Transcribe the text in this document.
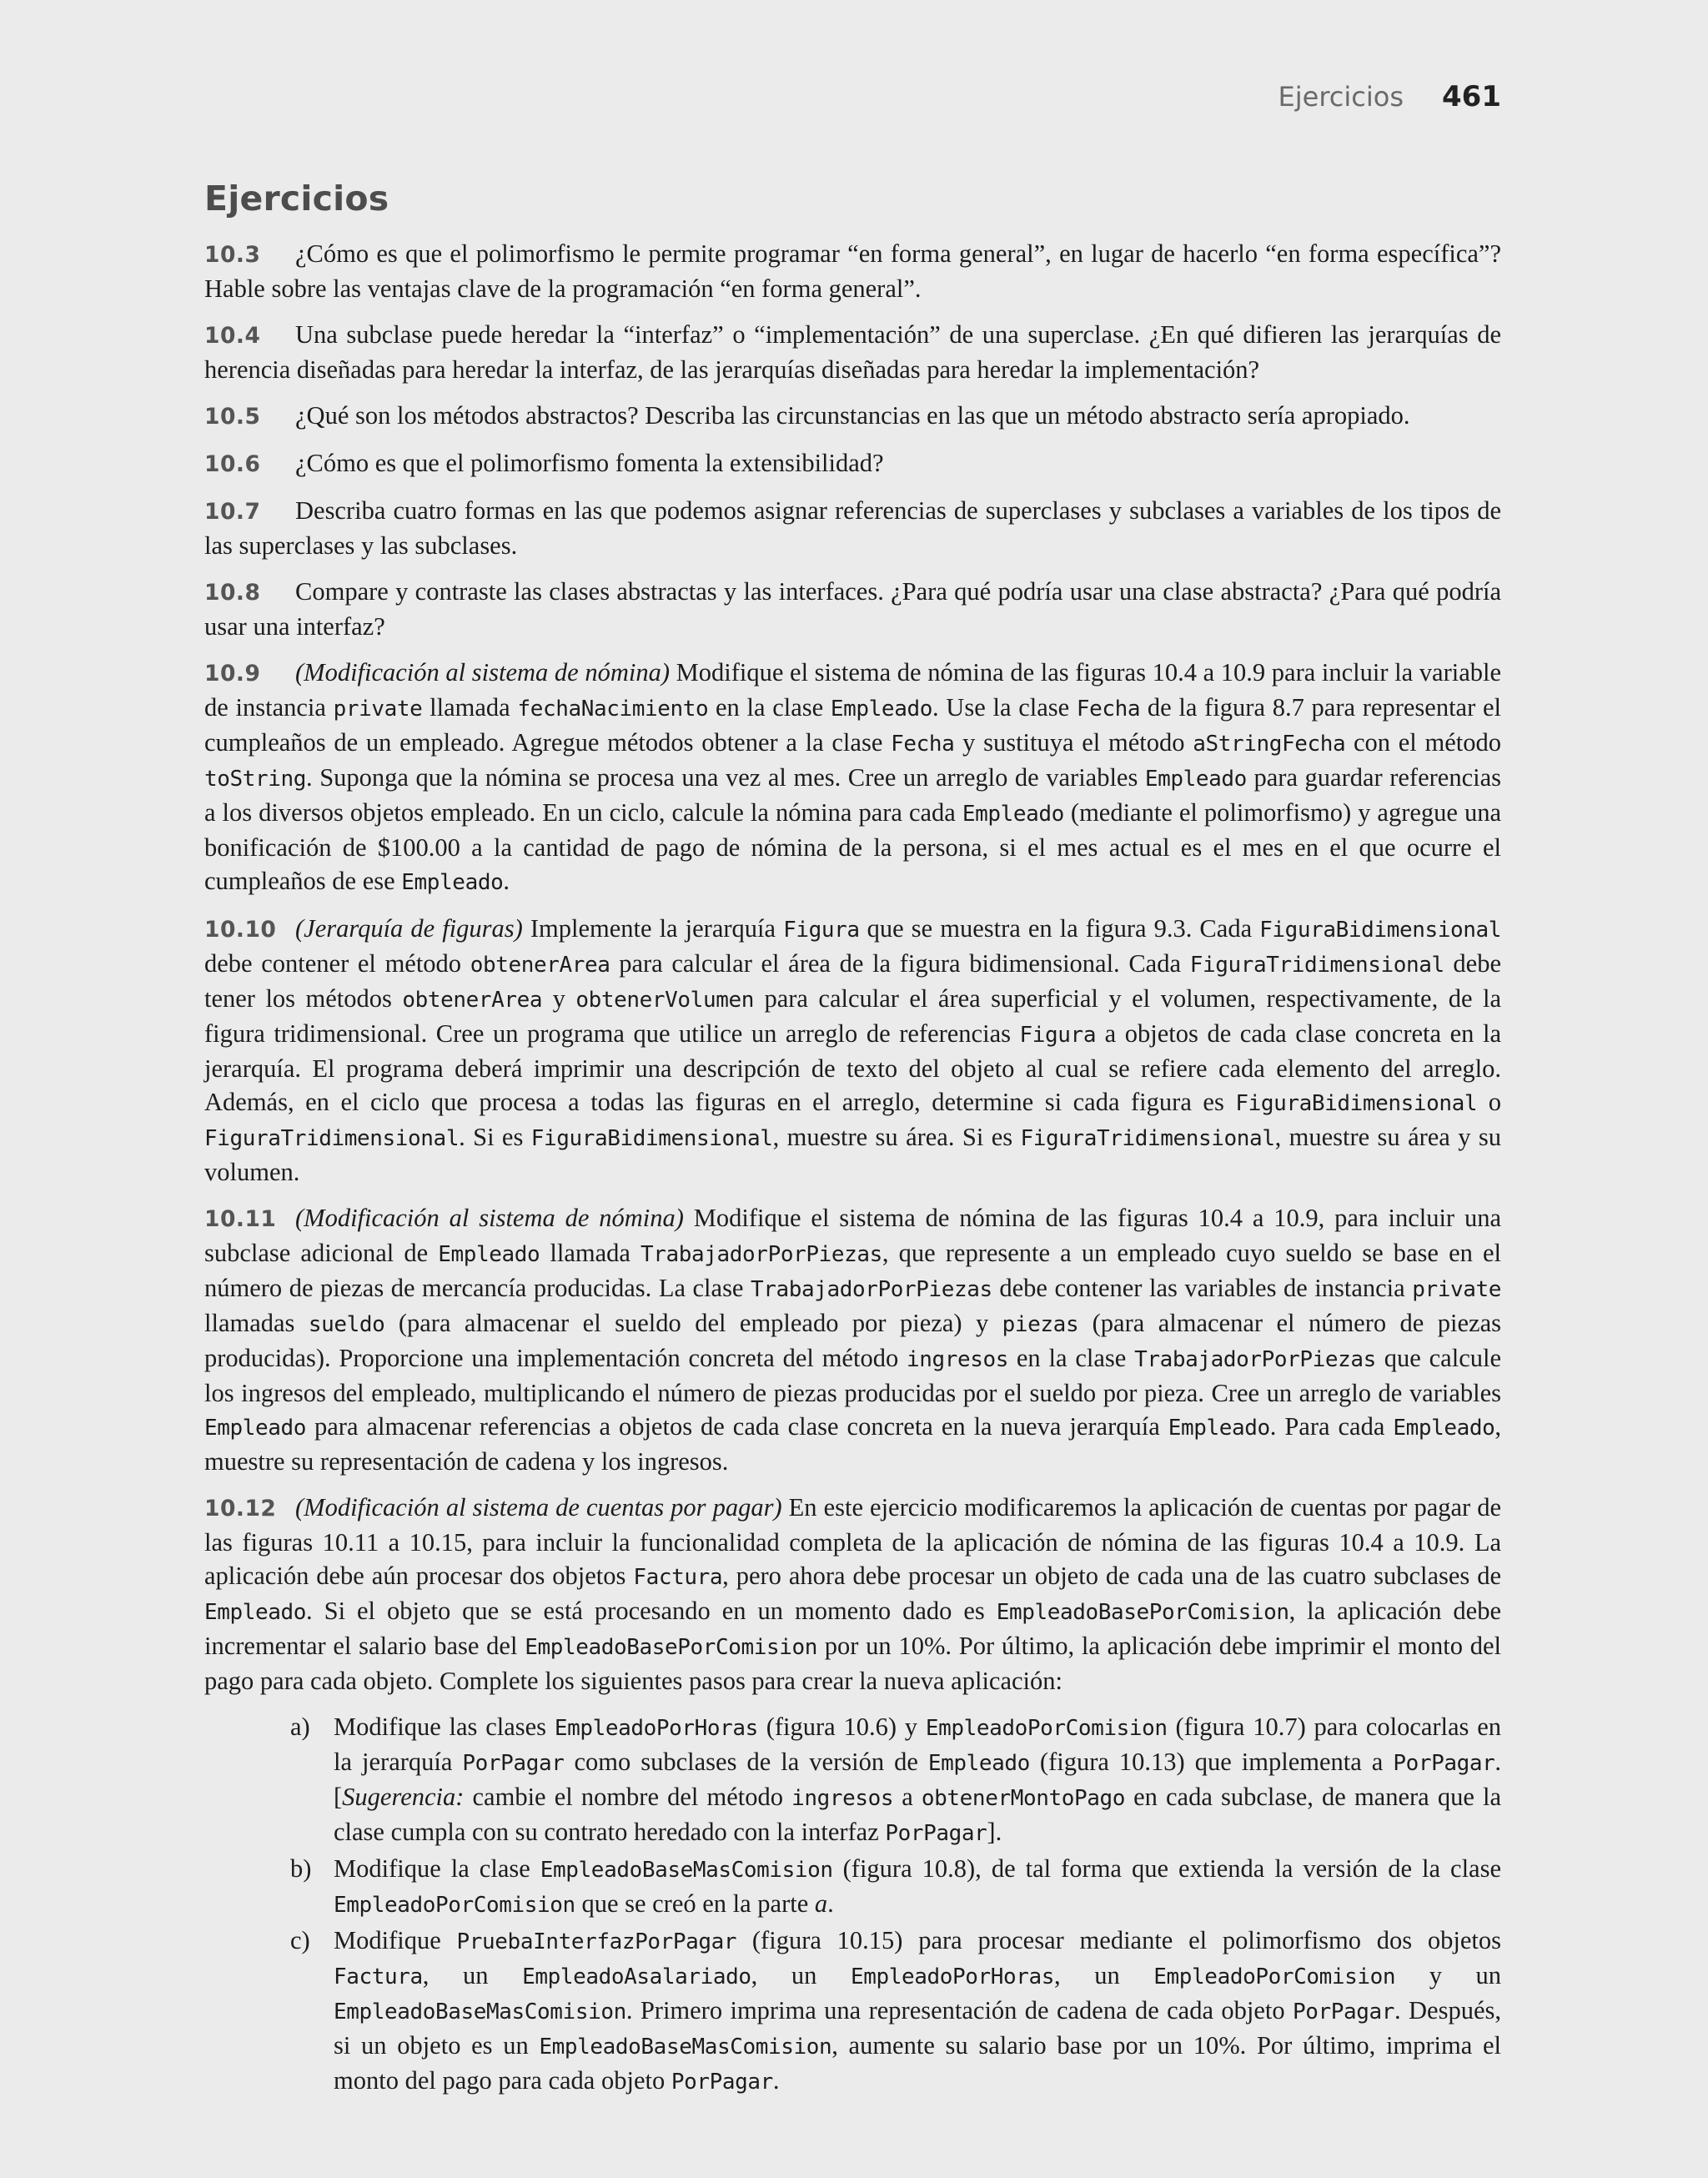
Ejercicios 461
Ejercicios

10.3 ¿Cómo es que el polimorfismo le permite programar “en forma general”, en lugar de hacerlo “en forma específica”? Hable sobre las ventajas clave de la programación “en forma general”.

10.4 Una subclase puede heredar la “interfaz” o “implementación” de una superclase. ¿En qué difieren las jerarquías de herencia diseñadas para heredar la interfaz, de las jerarquías diseñadas para heredar la implementación?

10.5 ¿Qué son los métodos abstractos? Describa las circunstancias en las que un método abstracto sería apropiado.

10.6 ¿Cómo es que el polimorfismo fomenta la extensibilidad?

10.7 Describa cuatro formas en las que podemos asignar referencias de superclases y subclases a variables de los tipos de las superclases y las subclases.

10.8 Compare y contraste las clases abstractas y las interfaces. ¿Para qué podría usar una clase abstracta? ¿Para qué podría usar una interfaz?

10.9 (Modificación al sistema de nómina) Modifique el sistema de nómina de las figuras 10.4 a 10.9 para incluir la variable de instancia private llamada fechaNacimiento en la clase Empleado. Use la clase Fecha de la figura 8.7 para representar el cumpleaños de un empleado. Agregue métodos obtener a la clase Fecha y sustituya el método aStringFecha con el método toString. Suponga que la nómina se procesa una vez al mes. Cree un arreglo de variables Empleado para guardar referencias a los diversos objetos empleado. En un ciclo, calcule la nómina para cada Empleado (mediante el polimorfismo) y agregue una bonificación de $100.00 a la cantidad de pago de nómina de la persona, si el mes actual es el mes en el que ocurre el cumpleaños de ese Empleado.

10.10 (Jerarquía de figuras) Implemente la jerarquía Figura que se muestra en la figura 9.3. Cada FiguraBidimensional debe contener el método obtenerArea para calcular el área de la figura bidimensional. Cada FiguraTridimensional debe tener los métodos obtenerArea y obtenerVolumen para calcular el área superficial y el volumen, respectivamente, de la figura tridimensional. Cree un programa que utilice un arreglo de referencias Figura a objetos de cada clase concreta en la jerarquía. El programa deberá imprimir una descripción de texto del objeto al cual se refiere cada elemento del arreglo. Además, en el ciclo que procesa a todas las figuras en el arreglo, determine si cada figura es FiguraBidimensional o FiguraTridimensional. Si es FiguraBidimensional, muestre su área. Si es FiguraTridimensional, muestre su área y su volumen.

10.11 (Modificación al sistema de nómina) Modifique el sistema de nómina de las figuras 10.4 a 10.9, para incluir una subclase adicional de Empleado llamada TrabajadorPorPiezas, que represente a un empleado cuyo sueldo se base en el número de piezas de mercancía producidas. La clase TrabajadorPorPiezas debe contener las variables de instancia private llamadas sueldo (para almacenar el sueldo del empleado por pieza) y piezas (para almacenar el número de piezas producidas). Proporcione una implementación concreta del método ingresos en la clase TrabajadorPorPiezas que calcule los ingresos del empleado, multiplicando el número de piezas producidas por el sueldo por pieza. Cree un arreglo de variables Empleado para almacenar referencias a objetos de cada clase concreta en la nueva jerarquía Empleado. Para cada Empleado, muestre su representación de cadena y los ingresos.

10.12 (Modificación al sistema de cuentas por pagar) En este ejercicio modificaremos la aplicación de cuentas por pagar de las figuras 10.11 a 10.15, para incluir la funcionalidad completa de la aplicación de nómina de las figuras 10.4 a 10.9. La aplicación debe aún procesar dos objetos Factura, pero ahora debe procesar un objeto de cada una de las cuatro subclases de Empleado. Si el objeto que se está procesando en un momento dado es EmpleadoBasePorComision, la aplicación debe incrementar el salario base del EmpleadoBasePorComision por un 10%. Por último, la aplicación debe imprimir el monto del pago para cada objeto. Complete los siguientes pasos para crear la nueva aplicación:

a) Modifique las clases EmpleadoPorHoras (figura 10.6) y EmpleadoPorComision (figura 10.7) para colocarlas en la jerarquía PorPagar como subclases de la versión de Empleado (figura 10.13) que implementa a PorPagar. [Sugerencia: cambie el nombre del método ingresos a obtenerMontoPago en cada subclase, de manera que la clase cumpla con su contrato heredado con la interfaz PorPagar].
b) Modifique la clase EmpleadoBaseMasComision (figura 10.8), de tal forma que extienda la versión de la clase EmpleadoPorComision que se creó en la parte a.
c) Modifique PruebaInterfazPorPagar (figura 10.15) para procesar mediante el polimorfismo dos objetos Factura, un EmpleadoAsalariado, un EmpleadoPorHoras, un EmpleadoPorComision y un EmpleadoBaseMasComision. Primero imprima una representación de cadena de cada objeto PorPagar. Después, si un objeto es un EmpleadoBaseMasComision, aumente su salario base por un 10%. Por último, imprima el monto del pago para cada objeto PorPagar.
